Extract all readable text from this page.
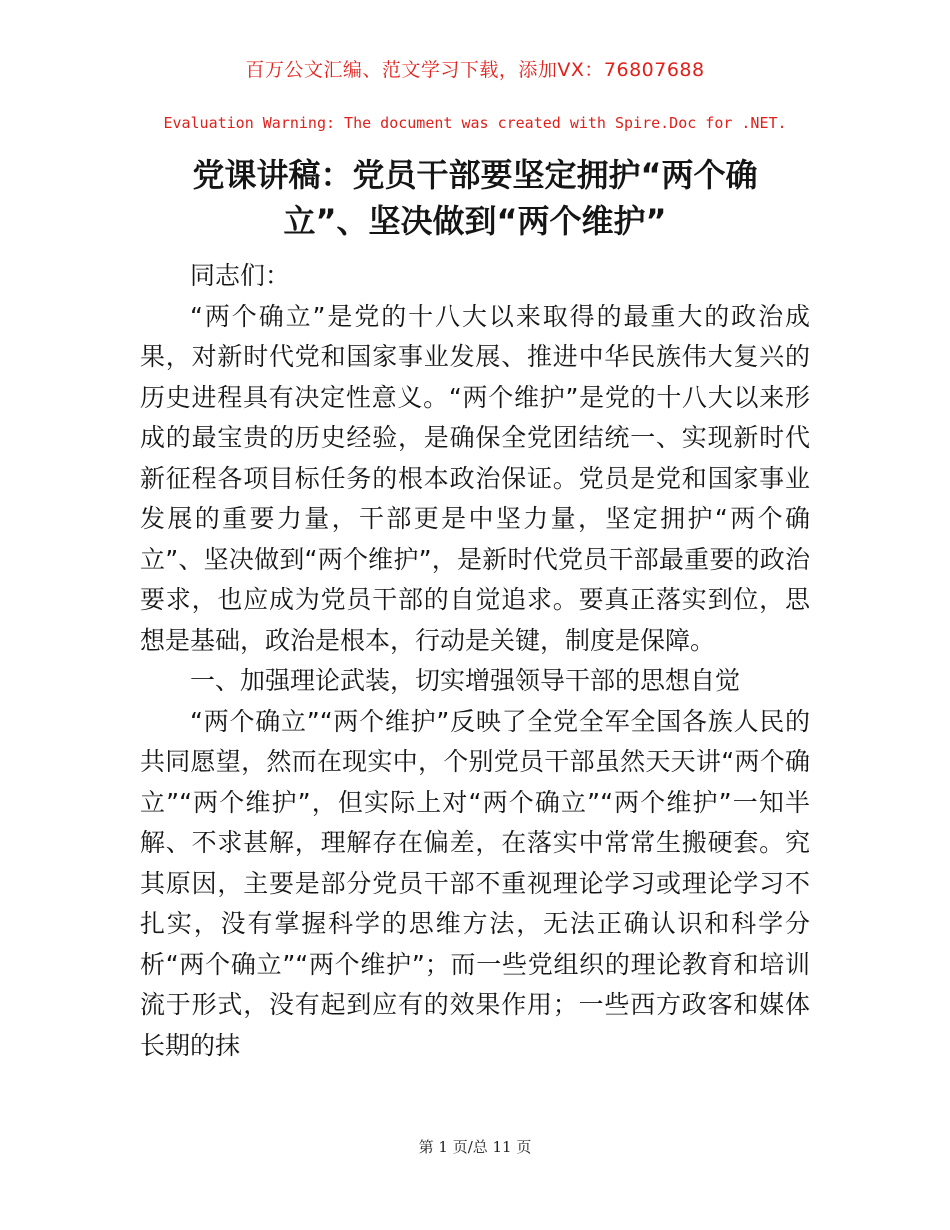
百万公文汇编、范文学习下载，添加VX：76807688
Evaluation Warning: The document was created with Spire.Doc for .NET.
党课讲稿：党员干部要坚定拥护“两个确
立”、坚决做到“两个维护”

同志们：

“两个确立”是党的十八大以来取得的最重大的政治成果，对新时代党和国家事业发展、推进中华民族伟大复兴的历史进程具有决定性意义。“两个维护”是党的十八大以来形成的最宝贵的历史经验，是确保全党团结统一、实现新时代新征程各项目标任务的根本政治保证。党员是党和国家事业发展的重要力量，干部更是中坚力量，坚定拥护“两个确立”、坚决做到“两个维护”，是新时代党员干部最重要的政治要求，也应成为党员干部的自觉追求。要真正落实到位，思想是基础，政治是根本，行动是关键，制度是保障。

一、加强理论武装，切实增强领导干部的思想自觉

“两个确立”“两个维护”反映了全党全军全国各族人民的共同愿望，然而在现实中，个别党员干部虽然天天讲“两个确立”“两个维护”，但实际上对“两个确立”“两个维护”一知半解、不求甚解，理解存在偏差，在落实中常常生搬硬套。究其原因，主要是部分党员干部不重视理论学习或理论学习不扎实，没有掌握科学的思维方法，无法正确认识和科学分析“两个确立”“两个维护”；而一些党组织的理论教育和培训流于形式，没有起到应有的效果作用；一些西方政客和媒体长期的抹

第 1 页/总 11 页
